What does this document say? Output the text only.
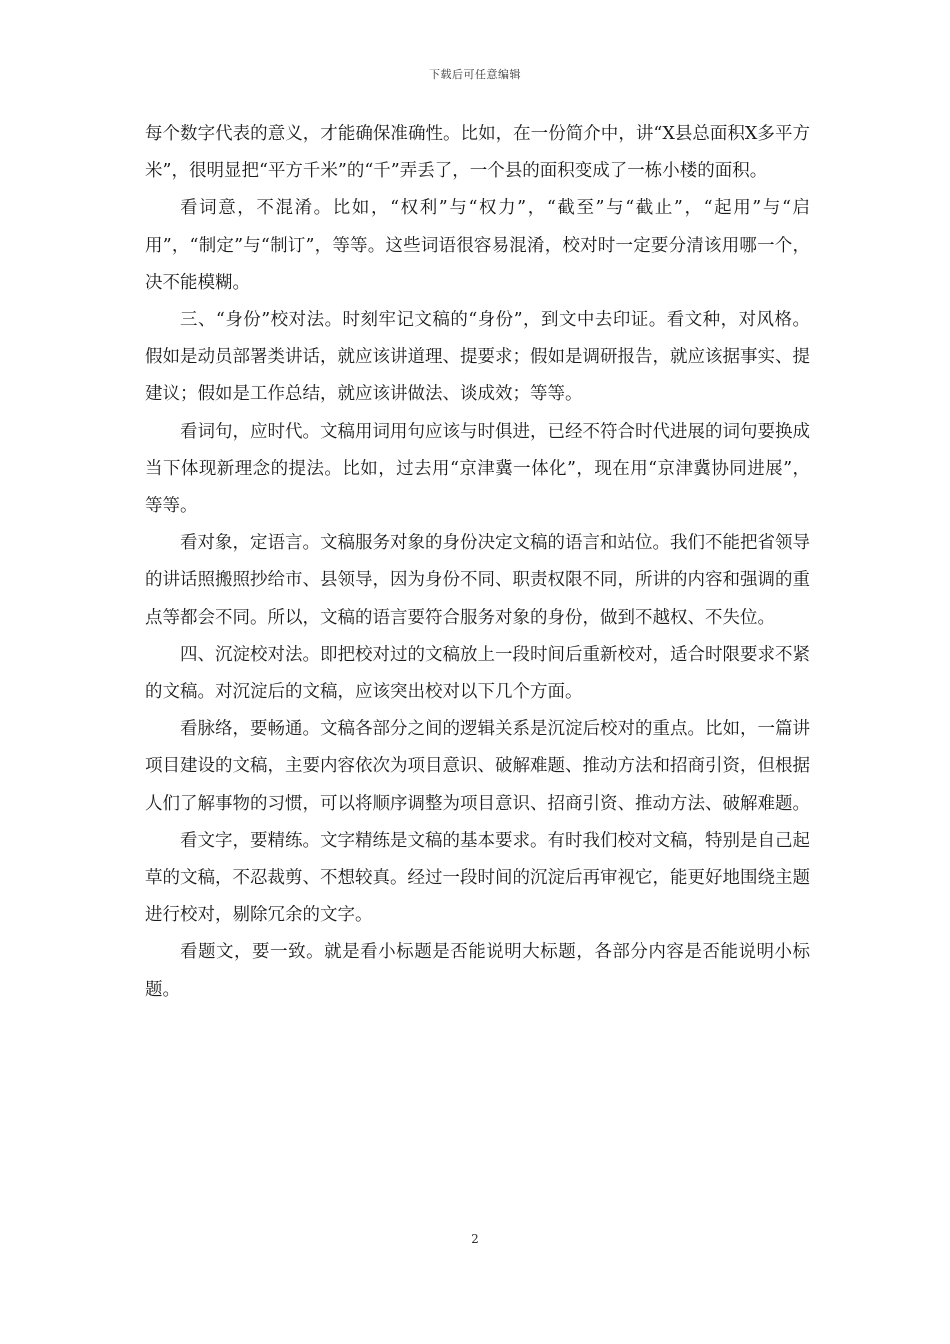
下载后可任意编辑

每个数字代表的意义，才能确保准确性。比如，在一份简介中，讲“X县总面积X多平方米”，很明显把“平方千米”的“千”弄丢了，一个县的面积变成了一栋小楼的面积。

看词意，不混淆。比如，“权利”与“权力”，“截至”与“截止”，“起用”与“启用”，“制定”与“制订”，等等。这些词语很容易混淆，校对时一定要分清该用哪一个，决不能模糊。

三、“身份”校对法。时刻牢记文稿的“身份”，到文中去印证。看文种，对风格。假如是动员部署类讲话，就应该讲道理、提要求；假如是调研报告，就应该据事实、提建议；假如是工作总结，就应该讲做法、谈成效；等等。

看词句，应时代。文稿用词用句应该与时俱进，已经不符合时代进展的词句要换成当下体现新理念的提法。比如，过去用“京津冀一体化”，现在用“京津冀协同进展”，等等。

看对象，定语言。文稿服务对象的身份决定文稿的语言和站位。我们不能把省领导的讲话照搬照抄给市、县领导，因为身份不同、职责权限不同，所讲的内容和强调的重点等都会不同。所以，文稿的语言要符合服务对象的身份，做到不越权、不失位。

四、沉淀校对法。即把校对过的文稿放上一段时间后重新校对，适合时限要求不紧的文稿。对沉淀后的文稿，应该突出校对以下几个方面。

看脉络，要畅通。文稿各部分之间的逻辑关系是沉淀后校对的重点。比如，一篇讲项目建设的文稿，主要内容依次为项目意识、破解难题、推动方法和招商引资，但根据人们了解事物的习惯，可以将顺序调整为项目意识、招商引资、推动方法、破解难题。

看文字，要精练。文字精练是文稿的基本要求。有时我们校对文稿，特别是自己起草的文稿，不忍裁剪、不想较真。经过一段时间的沉淀后再审视它，能更好地围绕主题进行校对，剔除冗余的文字。

看题文，要一致。就是看小标题是否能说明大标题，各部分内容是否能说明小标题。

2
